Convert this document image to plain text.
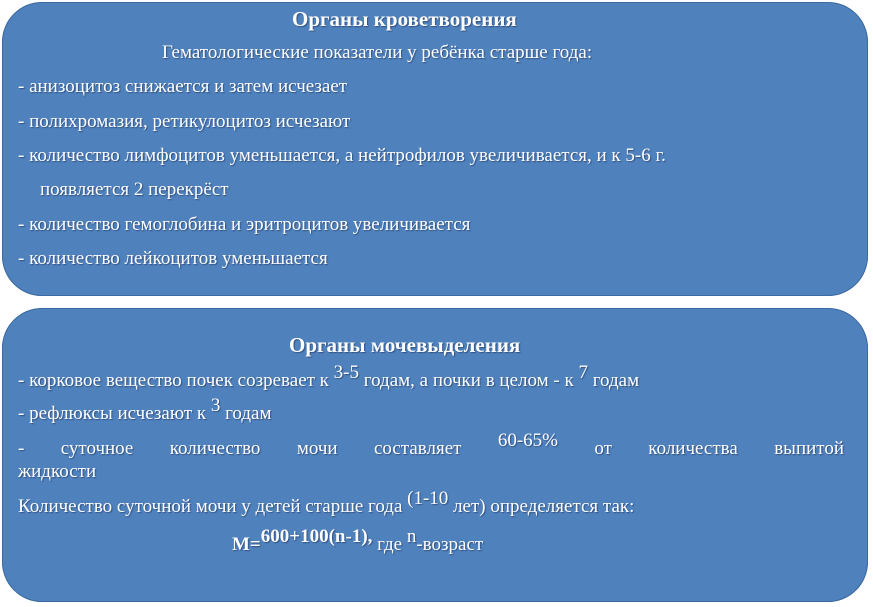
Органы кроветворения
Гематологические показатели у ребёнка старше года:
- анизоцитоз снижается и затем исчезает
- полихромазия, ретикулоцитоз исчезают
- количество лимфоцитов уменьшается, а нейтрофилов увеличивается, и к 5-6 г.
появляется 2 перекрёст
- количество гемоглобина и эритроцитов увеличивается
- количество лейкоцитов уменьшается
Органы мочевыделения
- корковое вещество почек созревает к 3-5 годам, а почки в целом - к 7 годам
- рефлюксы исчезают к 3 годам
- суточное количество мочи составляет 60-65% от количества выпитой
жидкости
Количество суточной мочи у детей старше года (1-10 лет) определяется так:
M=600+100(n-1), где n-возраст
